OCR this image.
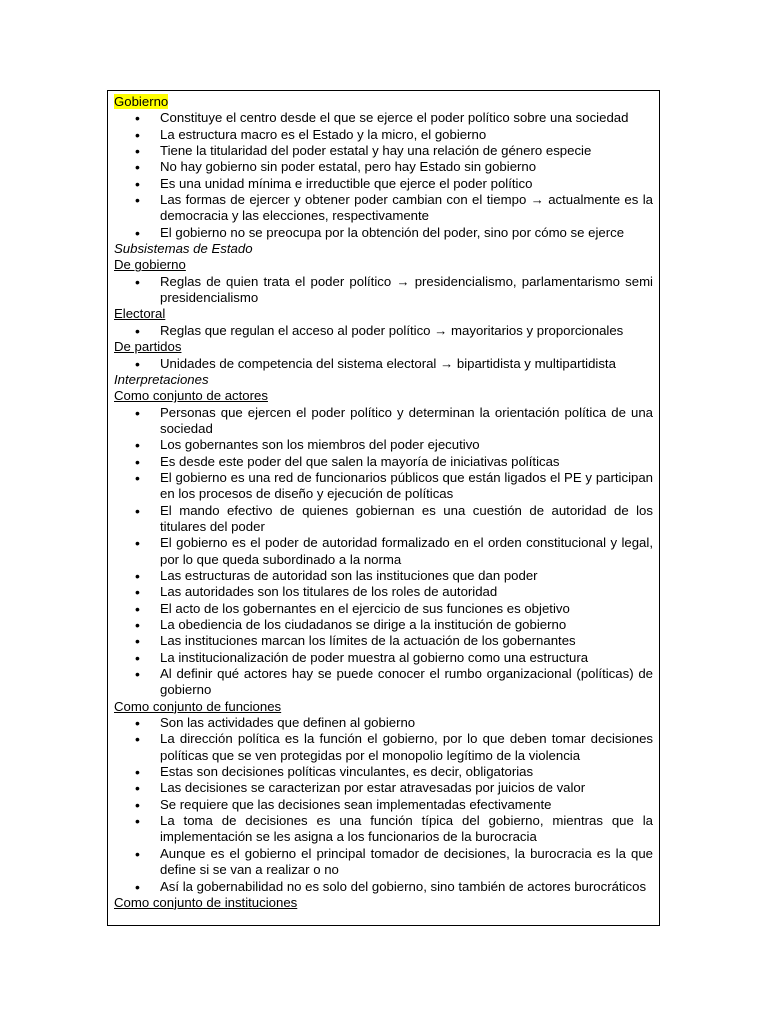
Gobierno
• Constituye el centro desde el que se ejerce el poder político sobre una sociedad
• La estructura macro es el Estado y la micro, el gobierno
• Tiene la titularidad del poder estatal y hay una relación de género especie
• No hay gobierno sin poder estatal, pero hay Estado sin gobierno
• Es una unidad mínima e irreductible que ejerce el poder político
• Las formas de ejercer y obtener poder cambian con el tiempo → actualmente es la democracia y las elecciones, respectivamente
• El gobierno no se preocupa por la obtención del poder, sino por cómo se ejerce
Subsistemas de Estado
De gobierno
• Reglas de quien trata el poder político → presidencialismo, parlamentarismo semi presidencialismo
Electoral
• Reglas que regulan el acceso al poder político → mayoritarios y proporcionales
De partidos
• Unidades de competencia del sistema electoral → bipartidista y multipartidista
Interpretaciones
Como conjunto de actores
• Personas que ejercen el poder político y determinan la orientación política de una sociedad
• Los gobernantes son los miembros del poder ejecutivo
• Es desde este poder del que salen la mayoría de iniciativas políticas
• El gobierno es una red de funcionarios públicos que están ligados el PE y participan en los procesos de diseño y ejecución de políticas
• El mando efectivo de quienes gobiernan es una cuestión de autoridad de los titulares del poder
• El gobierno es el poder de autoridad formalizado en el orden constitucional y legal, por lo que queda subordinado a la norma
• Las estructuras de autoridad son las instituciones que dan poder
• Las autoridades son los titulares de los roles de autoridad
• El acto de los gobernantes en el ejercicio de sus funciones es objetivo
• La obediencia de los ciudadanos se dirige a la institución de gobierno
• Las instituciones marcan los límites de la actuación de los gobernantes
• La institucionalización de poder muestra al gobierno como una estructura
• Al definir qué actores hay se puede conocer el rumbo organizacional (políticas) de gobierno
Como conjunto de funciones
• Son las actividades que definen al gobierno
• La dirección política es la función el gobierno, por lo que deben tomar decisiones políticas que se ven protegidas por el monopolio legítimo de la violencia
• Estas son decisiones políticas vinculantes, es decir, obligatorias
• Las decisiones se caracterizan por estar atravesadas por juicios de valor
• Se requiere que las decisiones sean implementadas efectivamente
• La toma de decisiones es una función típica del gobierno, mientras que la implementación se les asigna a los funcionarios de la burocracia
• Aunque es el gobierno el principal tomador de decisiones, la burocracia es la que define si se van a realizar o no
• Así la gobernabilidad no es solo del gobierno, sino también de actores burocráticos
Como conjunto de instituciones
